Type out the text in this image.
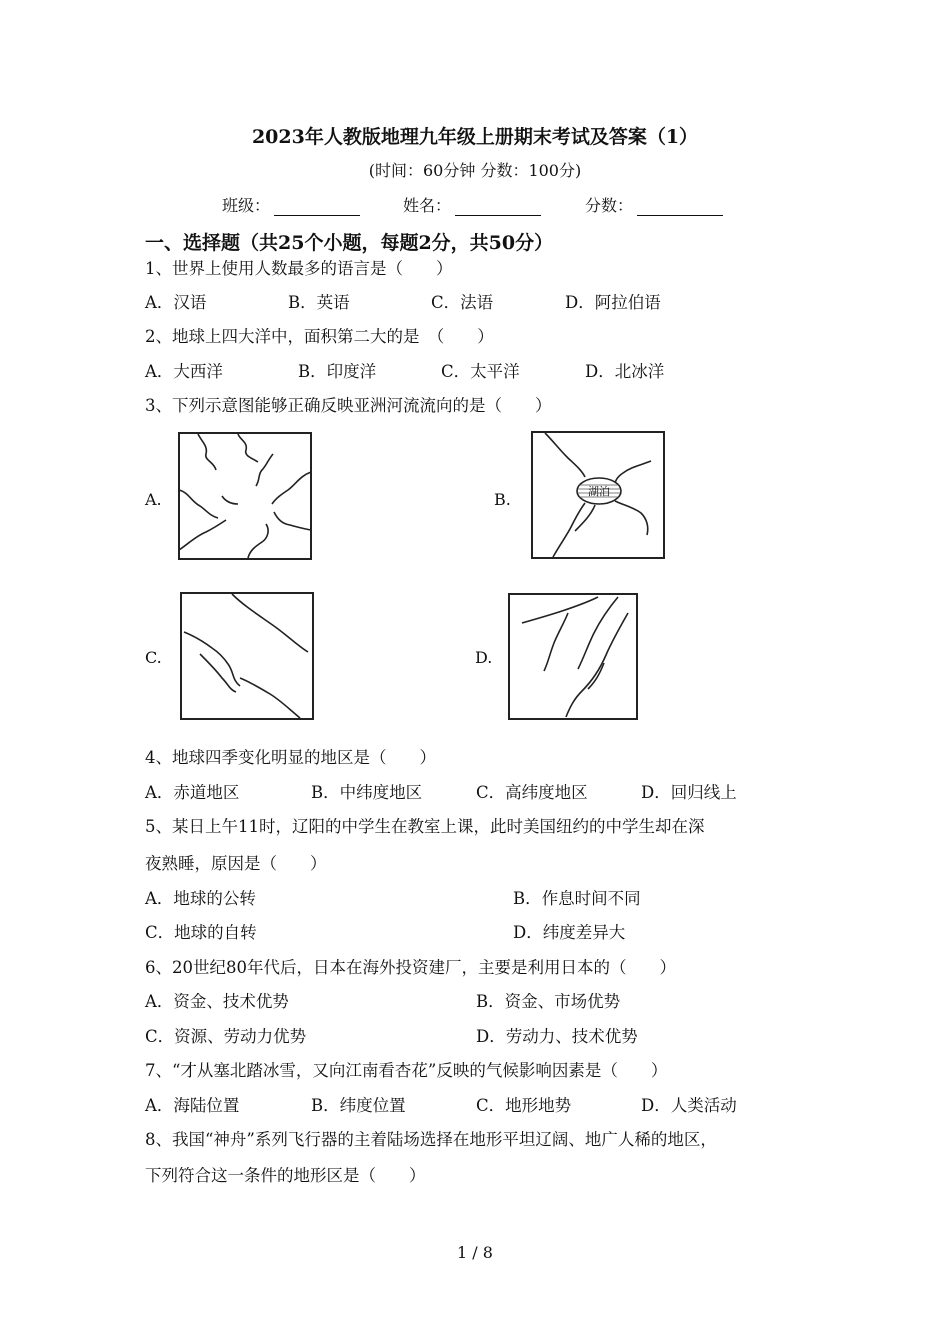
2023年人教版地理九年级上册期末考试及答案（1）
(时间：60分钟 分数：100分)
班级：	姓名：	分数：
一、选择题（共25个小题，每题2分，共50分）
1、世界上使用人数最多的语言是（　　）
A．汉语	B．英语	C．法语	D．阿拉伯语
2、地球上四大洋中，面积第二大的是　（　　）
A．大西洋	B．印度洋	C．太平洋	D．北冰洋
3、下列示意图能够正确反映亚洲河流流向的是（　　）
A.	B.	湖泊
C.	D.
4、地球四季变化明显的地区是（　　）
A．赤道地区	B．中纬度地区	C．高纬度地区	D．回归线上
5、某日上午11时，辽阳的中学生在教室上课，此时美国纽约的中学生却在深
夜熟睡，原因是（　　）
A．地球的公转	B．作息时间不同
C．地球的自转	D．纬度差异大
6、20世纪80年代后，日本在海外投资建厂，主要是利用日本的（　　）
A．资金、技术优势	B．资金、市场优势
C．资源、劳动力优势	D．劳动力、技术优势
7、“才从塞北踏冰雪，又向江南看杏花”反映的气候影响因素是（　　）
A．海陆位置	B．纬度位置	C．地形地势	D．人类活动
8、我国“神舟”系列飞行器的主着陆场选择在地形平坦辽阔、地广人稀的地区，
下列符合这一条件的地形区是（　　）
1 / 8
